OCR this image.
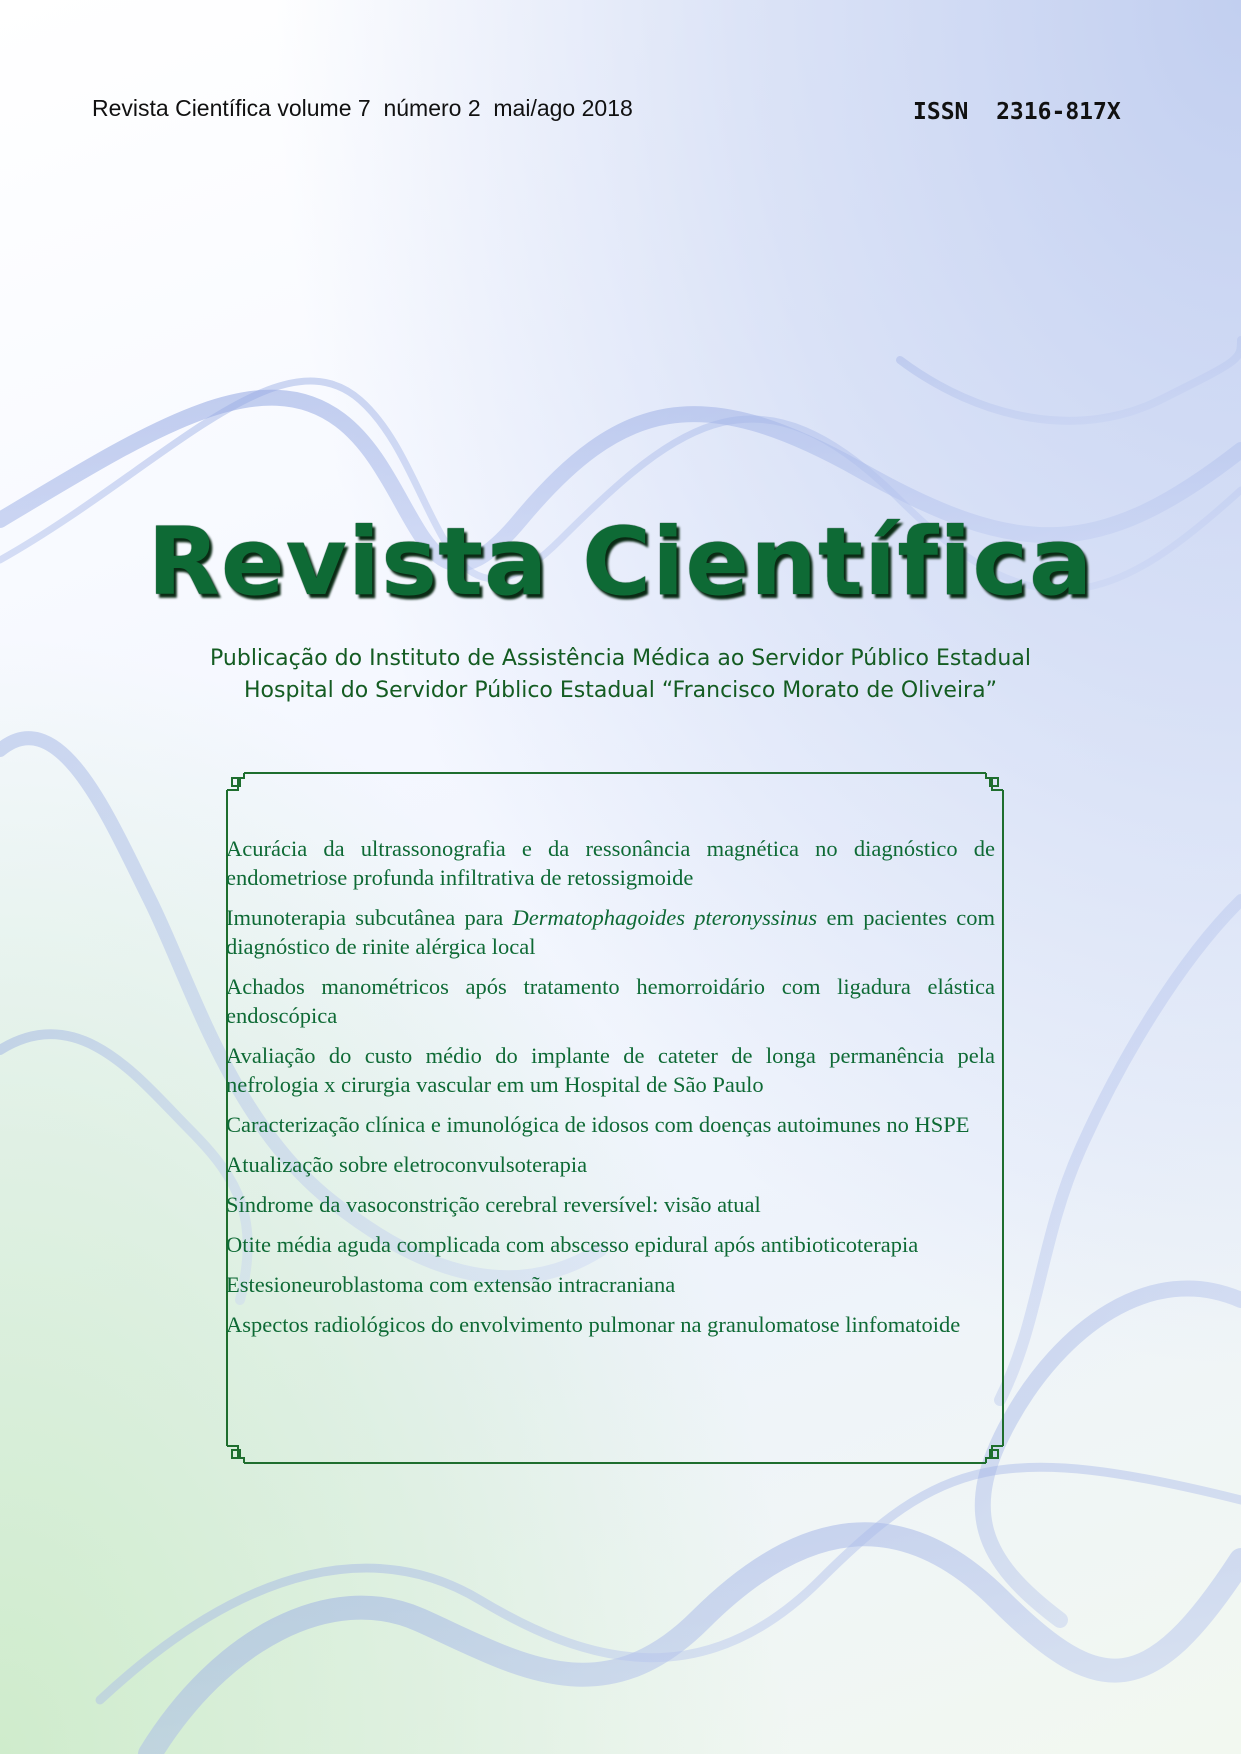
Revista Científica volume 7  número 2  mai/ago 2018	ISSN  2316-817X
Revista Científica
Publicação do Instituto de Assistência Médica ao Servidor Público Estadual
Hospital do Servidor Público Estadual “Francisco Morato de Oliveira”
Acurácia da ultrassonografia e da ressonância magnética no diagnóstico de endometriose profunda infiltrativa de retossigmoide
Imunoterapia subcutânea para Dermatophagoides pteronyssinus em pacientes com diagnóstico de rinite alérgica local
Achados manométricos após tratamento hemorroidário com ligadura elástica endoscópica
Avaliação do custo médio do implante de cateter de longa permanência pela nefrologia x cirurgia vascular em um Hospital de São Paulo
Caracterização clínica e imunológica de idosos com doenças autoimunes no HSPE
Atualização sobre eletroconvulsoterapia
Síndrome da vasoconstrição cerebral reversível: visão atual
Otite média aguda complicada com abscesso epidural após antibioticoterapia
Estesioneuroblastoma com extensão intracraniana
Aspectos radiológicos do envolvimento pulmonar na granulomatose linfomatoide
